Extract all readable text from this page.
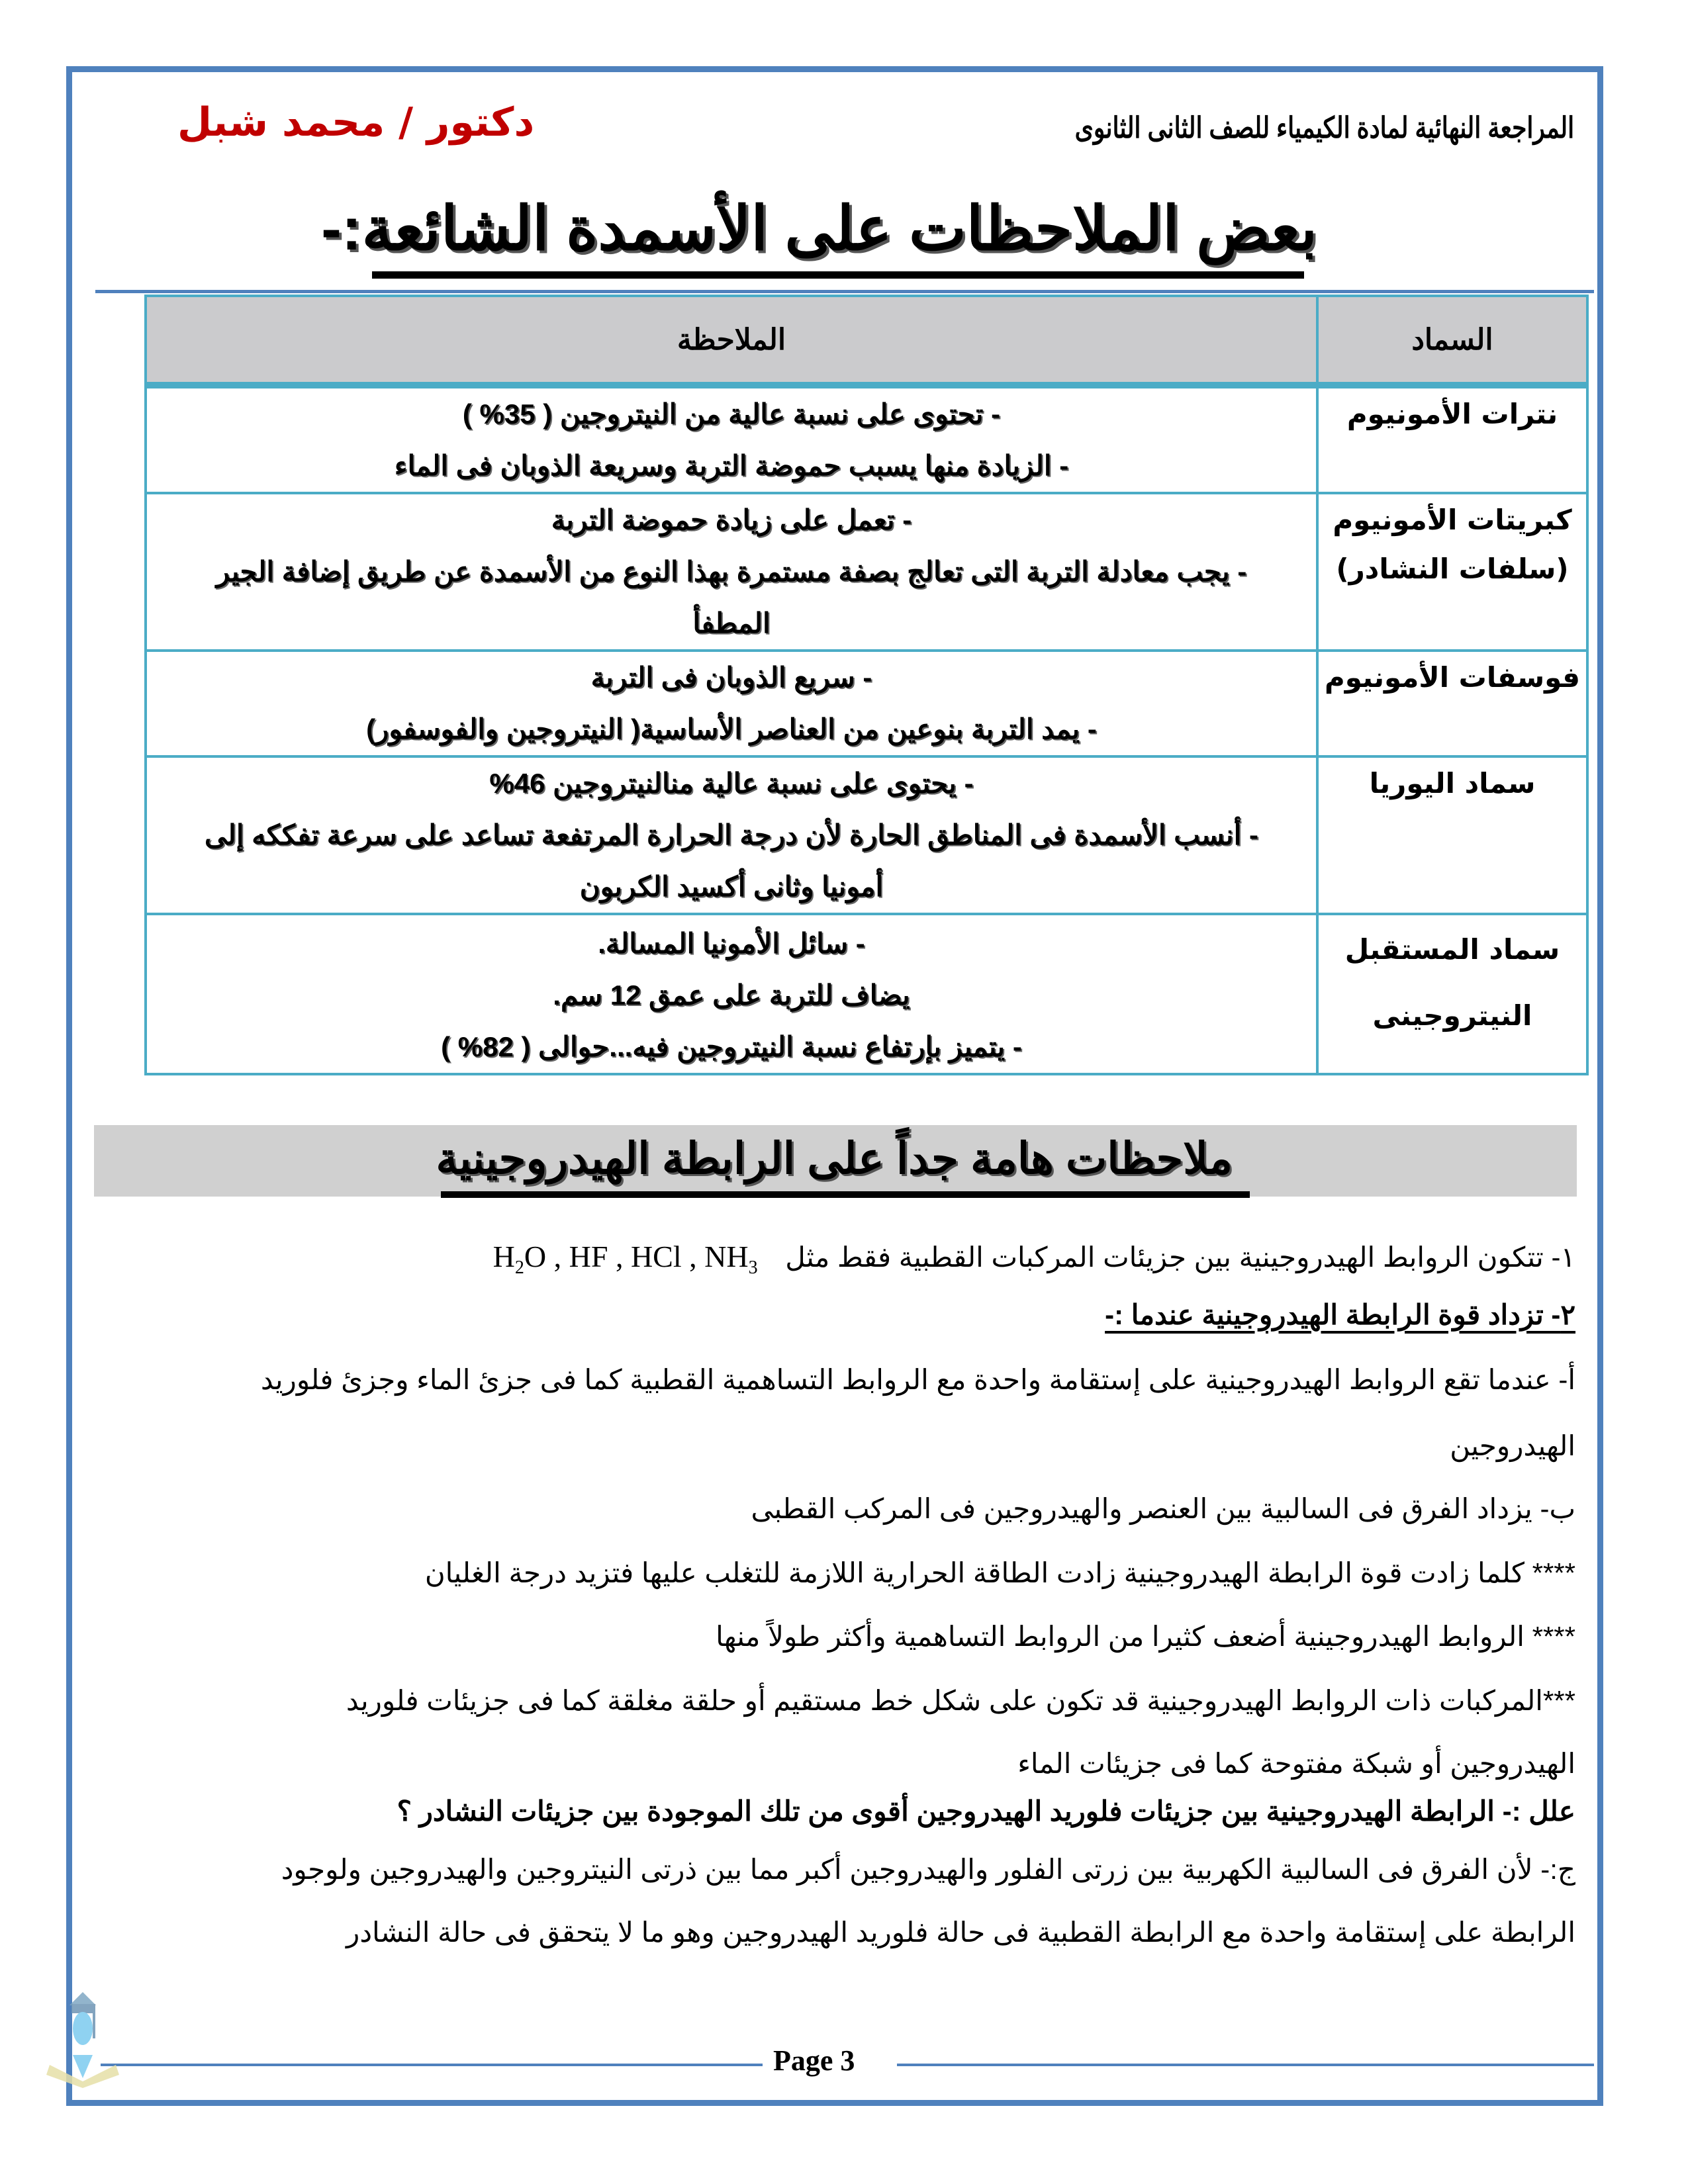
المراجعة النهائية لمادة الكيمياء للصف الثانى الثانوى
دكتور / محمد شبل
بعض الملاحظات على الأسمدة الشائعة:-
السماد	الملاحظة
نترات الأمونيوم	- تحتوى على نسبة عالية من النيتروجين ( 35% )
- الزيادة منها يسبب حموضة التربة وسريعة الذوبان فى الماء

كبريتات الأمونيوم
(سلفات النشادر)	- تعمل على زيادة حموضة التربة
- يجب معادلة التربة التى تعالج بصفة مستمرة بهذا النوع من الأسمدة عن طريق إضافة الجير
المطفأ

فوسفات الأمونيوم	- سريع الذوبان فى التربة
- يمد التربة بنوعين من العناصر الأساسية( النيتروجين والفوسفور)

سماد اليوريا	- يحتوى على نسبة عالية منالنيتروجين 46%
- أنسب الأسمدة فى المناطق الحارة لأن درجة الحرارة المرتفعة تساعد على سرعة تفككه إلى
أمونيا وثانى أكسيد الكربون

سماد المستقبل
النيتروجينى	- سائل الأمونيا المسالة.
يضاف للتربة على عمق 12 سم.
- يتميز بإرتفاع نسبة النيتروجين فيه...حوالى ( 82% )
ملاحظات هامة جداً على الرابطة الهيدروجينية
١- تتكون الروابط الهيدروجينية بين جزيئات المركبات القطبية فقط مثل $H_2O$ , HF , HCl , $NH_3$
٢- تزداد قوة الرابطة الهيدروجينية عندما :-
أ- عندما تقع الروابط الهيدروجينية على إستقامة واحدة مع الروابط التساهمية القطبية كما فى جزئ الماء وجزئ فلوريد
الهيدروجين
ب- يزداد الفرق فى السالبية بين العنصر والهيدروجين فى المركب القطبى
**** كلما زادت قوة الرابطة الهيدروجينية زادت الطاقة الحرارية اللازمة للتغلب عليها فتزيد درجة الغليان
**** الروابط الهيدروجينية أضعف كثيرا من الروابط التساهمية وأكثر طولاً منها
***المركبات ذات الروابط الهيدروجينية قد تكون على شكل خط مستقيم أو حلقة مغلقة كما فى جزيئات فلوريد
الهيدروجين أو شبكة مفتوحة كما فى جزيئات الماء
علل :- الرابطة الهيدروجينية بين جزيئات فلوريد الهيدروجين أقوى من تلك الموجودة بين جزيئات النشادر ؟
ج:- لأن الفرق فى السالبية الكهربية بين زرتى الفلور والهيدروجين أكبر مما بين ذرتى النيتروجين والهيدروجين ولوجود
الرابطة على إستقامة واحدة مع الرابطة القطبية فى حالة فلوريد الهيدروجين وهو ما لا يتحقق فى حالة النشادر
Page 3
